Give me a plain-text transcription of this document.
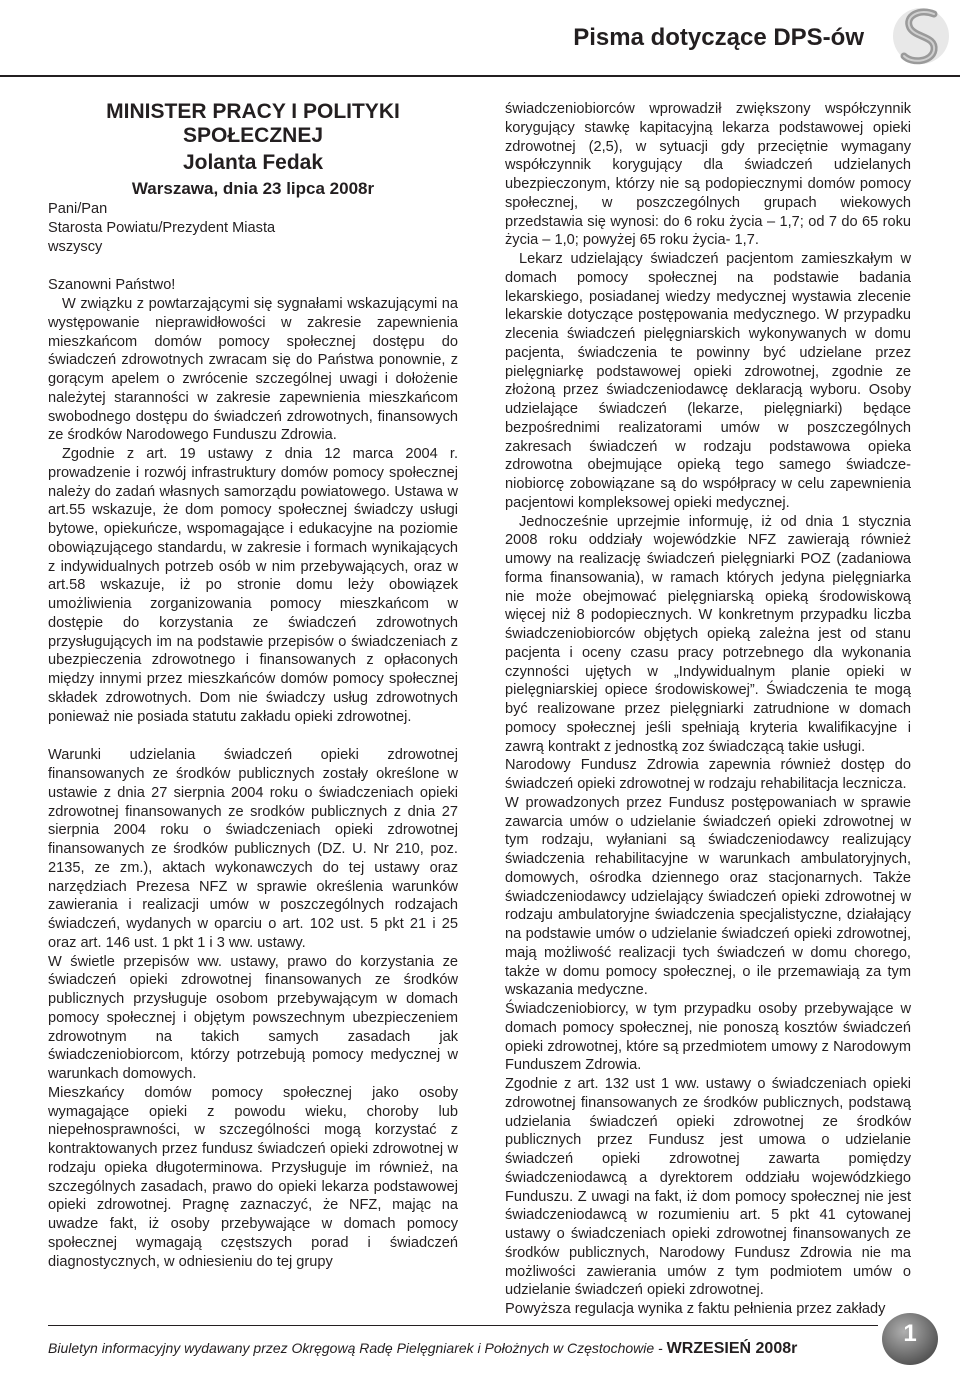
Pisma dotyczące DPS-ów

MINISTER PRACY I POLITYKI SPOŁECZNEJ

Jolanta Fedak

Warszawa, dnia 23 lipca 2008r

Pani/Pan

Starosta Powiatu/Prezydent Miasta

wszyscy

Szanowni Państwo!

W związku z powtarzającymi się sygnałami wskazującymi na występowanie nieprawidłowości w zakresie zapewnienia mieszkańcom domów pomocy społecznej dostępu do świadczeń zdrowotnych zwracam się do Państwa ponownie, z gorącym apelem o zwrócenie szczególnej uwagi i dołożenie należytej staranności w zakresie zapewnienia mieszkańcom swobodnego dostępu do świadczeń zdrowotnych, finansowych ze środków Narodowego Funduszu Zdrowia.

Zgodnie z art. 19 ustawy z dnia 12 marca 2004 r. prowadzenie i rozwój infrastruktury domów pomocy społecznej należy do zadań własnych samorządu powiatowego. Ustawa w art.55 wskazuje, że dom pomocy społecznej świadczy usługi bytowe, opiekuńcze, wspomagające i edukacyjne na poziomie obowiązującego standardu, w zakresie i formach wynikających z indywidualnych potrzeb osób w nim przebywających, oraz w art.58 wskazuje, iż po stronie domu leży obowiązek umożliwienia zorganizowania pomocy mieszkańcom w dostępie do korzystania ze świadczeń zdrowotnych przysługujących im na podstawie przepisów o świadczeniach z ubezpieczenia zdrowotnego i finansowanych z opłaconych między innymi przez mieszkańców domów pomocy społecznej składek zdrowotnych. Dom nie świadczy usług zdrowotnych ponieważ nie posiada statutu zakładu opieki zdrowotnej.

Warunki udzielania świadczeń opieki zdrowotnej finansowanych ze środków publicznych zostały określone w ustawie z dnia 27 sierpnia 2004 roku o świadczeniach opieki zdrowotnej finansowanych ze srodków publicznych z dnia 27 sierpnia 2004 roku o świadczeniach opieki zdrowotnej finansowanych ze środków publicznych (DZ. U. Nr 210, poz. 2135, ze zm.), aktach wykonawczych do tej ustawy oraz narzędziach Prezesa NFZ w sprawie określenia warunków zawierania i realizacji umów w poszczególnych rodzajach świadczeń, wydanych w oparciu o art. 102 ust. 5 pkt 21 i 25 oraz art. 146 ust. 1 pkt 1 i 3 ww. ustawy.

W świetle przepisów ww. ustawy, prawo do korzystania ze świadczeń opieki zdrowotnej finansowanych ze środków publicznych przysługuje osobom przebywającym w domach pomocy społecznej i objętym powszechnym ubezpieczeniem zdrowotnym na takich samych zasadach jak świadczeniobiorcom, którzy potrzebują pomocy medycznej w warunkach domowych.

Mieszkańcy domów pomocy społecznej jako osoby wymagające opieki z powodu wieku, choroby lub niepełnosprawności, w szczególności mogą korzystać z kontraktowanych przez fundusz świadczeń opieki zdrowotnej w rodzaju opieka długoterminowa. Przysługuje im również, na szczególnych zasadach, prawo do opieki lekarza podstawowej opieki zdrowotnej. Pragnę zaznaczyć, że NFZ, mając na uwadze fakt, iż osoby przebywające w domach pomocy społecznej wymagają częstszych porad i świadczeń diagnostycznych, w odniesieniu do tej grupy

świadczeniobiorców wprowadził zwiększony współczynnik korygujący stawkę kapitacyjną lekarza podstawowej opieki zdrowotnej (2,5), w sytuacji gdy przeciętnie wymagany współczynnik korygujący dla świadczeń udzielanych ubezpieczonym, którzy nie są podopiecznymi domów pomocy społecznej, w poszczególnych grupach wiekowych przedstawia się wynosi: do 6 roku życia – 1,7; od 7 do 65 roku życia – 1,0; powyżej 65 roku życia- 1,7.

Lekarz udzielający świadczeń pacjentom zamieszkałym w domach pomocy społecznej na podstawie badania lekarskiego, posiadanej wiedzy medycznej wystawia zlecenie lekarskie dotyczące postępowania medycznego. W przypadku zlecenia świadczeń pielęgniarskich wykonywanych w domu pacjenta, świadczenia te powinny być udzielane przez pielęgniarkę podstawowej opieki zdrowotnej, zgodnie ze złożoną przez świadczeniodawcę deklaracją wyboru. Osoby udzielające świadczeń (lekarze, pielęgniarki) będące bezpośrednimi realizatorami umów w poszczególnych zakresach świadczeń w rodzaju podstawowa opieka zdrowotna obejmujące opieką tego samego świadcze-niobiorcę zobowiązane są do współpracy w celu zapewnienia pacjentowi kompleksowej opieki medycznej.

Jednocześnie uprzejmie informuję, iż od dnia 1 stycznia 2008 roku oddziały wojewódzkie NFZ zawierają również umowy na realizację świadczeń pielęgniarki POZ (zadaniowa forma finansowania), w ramach których jedyna pielęgniarka nie może obejmować pielęgniarską opieką środowiskową więcej niż 8 podopiecznych. W konkretnym przypadku liczba świadczeniobiorców objętych opieką zależna jest od stanu pacjenta i oceny czasu pracy potrzebnego dla wykonania czynności ujętych w „Indywidualnym planie opieki w pielęgniarskiej opiece środowiskowej”. Świadczenia te mogą być realizowane przez pielęgniarki zatrudnione w domach pomocy społecznej jeśli spełniają kryteria kwalifikacyjne i zawrą kontrakt z jednostką zoz świadczącą takie usługi.

Narodowy Fundusz Zdrowia zapewnia również dostęp do świadczeń opieki zdrowotnej w rodzaju rehabilitacja lecznicza.

W prowadzonych przez Fundusz postępowaniach w sprawie zawarcia umów o udzielanie świadczeń opieki zdrowotnej w tym rodzaju, wyłaniani są świadczeniodawcy realizujący świadczenia rehabilitacyjne w warunkach ambulatoryjnych, domowych, ośrodka dziennego oraz stacjonarnych. Także świadczeniodawcy udzielający świadczeń opieki zdrowotnej w rodzaju ambulatoryjne świadczenia specjalistyczne, działający na podstawie umów o udzielanie świadczeń opieki zdrowotnej, mają możliwość realizacji tych świadczeń w domu chorego, także w domu pomocy społecznej, o ile przemawiają za tym wskazania medyczne.

Świadczeniobiorcy, w tym przypadku osoby przebywające w domach pomocy społecznej, nie ponoszą kosztów świadczeń opieki zdrowotnej, które są przedmiotem umowy z Narodowym Funduszem Zdrowia.

Zgodnie z art. 132 ust 1 ww. ustawy o świadczeniach opieki zdrowotnej finansowanych ze środków publicznych, podstawą udzielania świadczeń opieki zdrowotnej ze środków publicznych przez Fundusz jest umowa o udzielanie świadczeń opieki zdrowotnej zawarta pomiędzy świadczeniodawcą a dyrektorem oddziału wojewódzkiego Funduszu. Z uwagi na fakt, iż dom pomocy społecznej nie jest świadczeniodawcą w rozumieniu art. 5 pkt 41 cytowanej ustawy o świadczeniach opieki zdrowotnej finansowanych ze środków publicznych, Narodowy Fundusz Zdrowia nie ma możliwości zawierania umów z tym podmiotem umów o udzielanie świadczeń opieki zdrowotnej.

Powyższa regulacja wynika z faktu pełnienia przez zakłady

Biuletyn informacyjny wydawany przez Okręgową Radę Pielęgniarek i Położnych w Częstochowie - WRZESIEŃ 2008r
1
